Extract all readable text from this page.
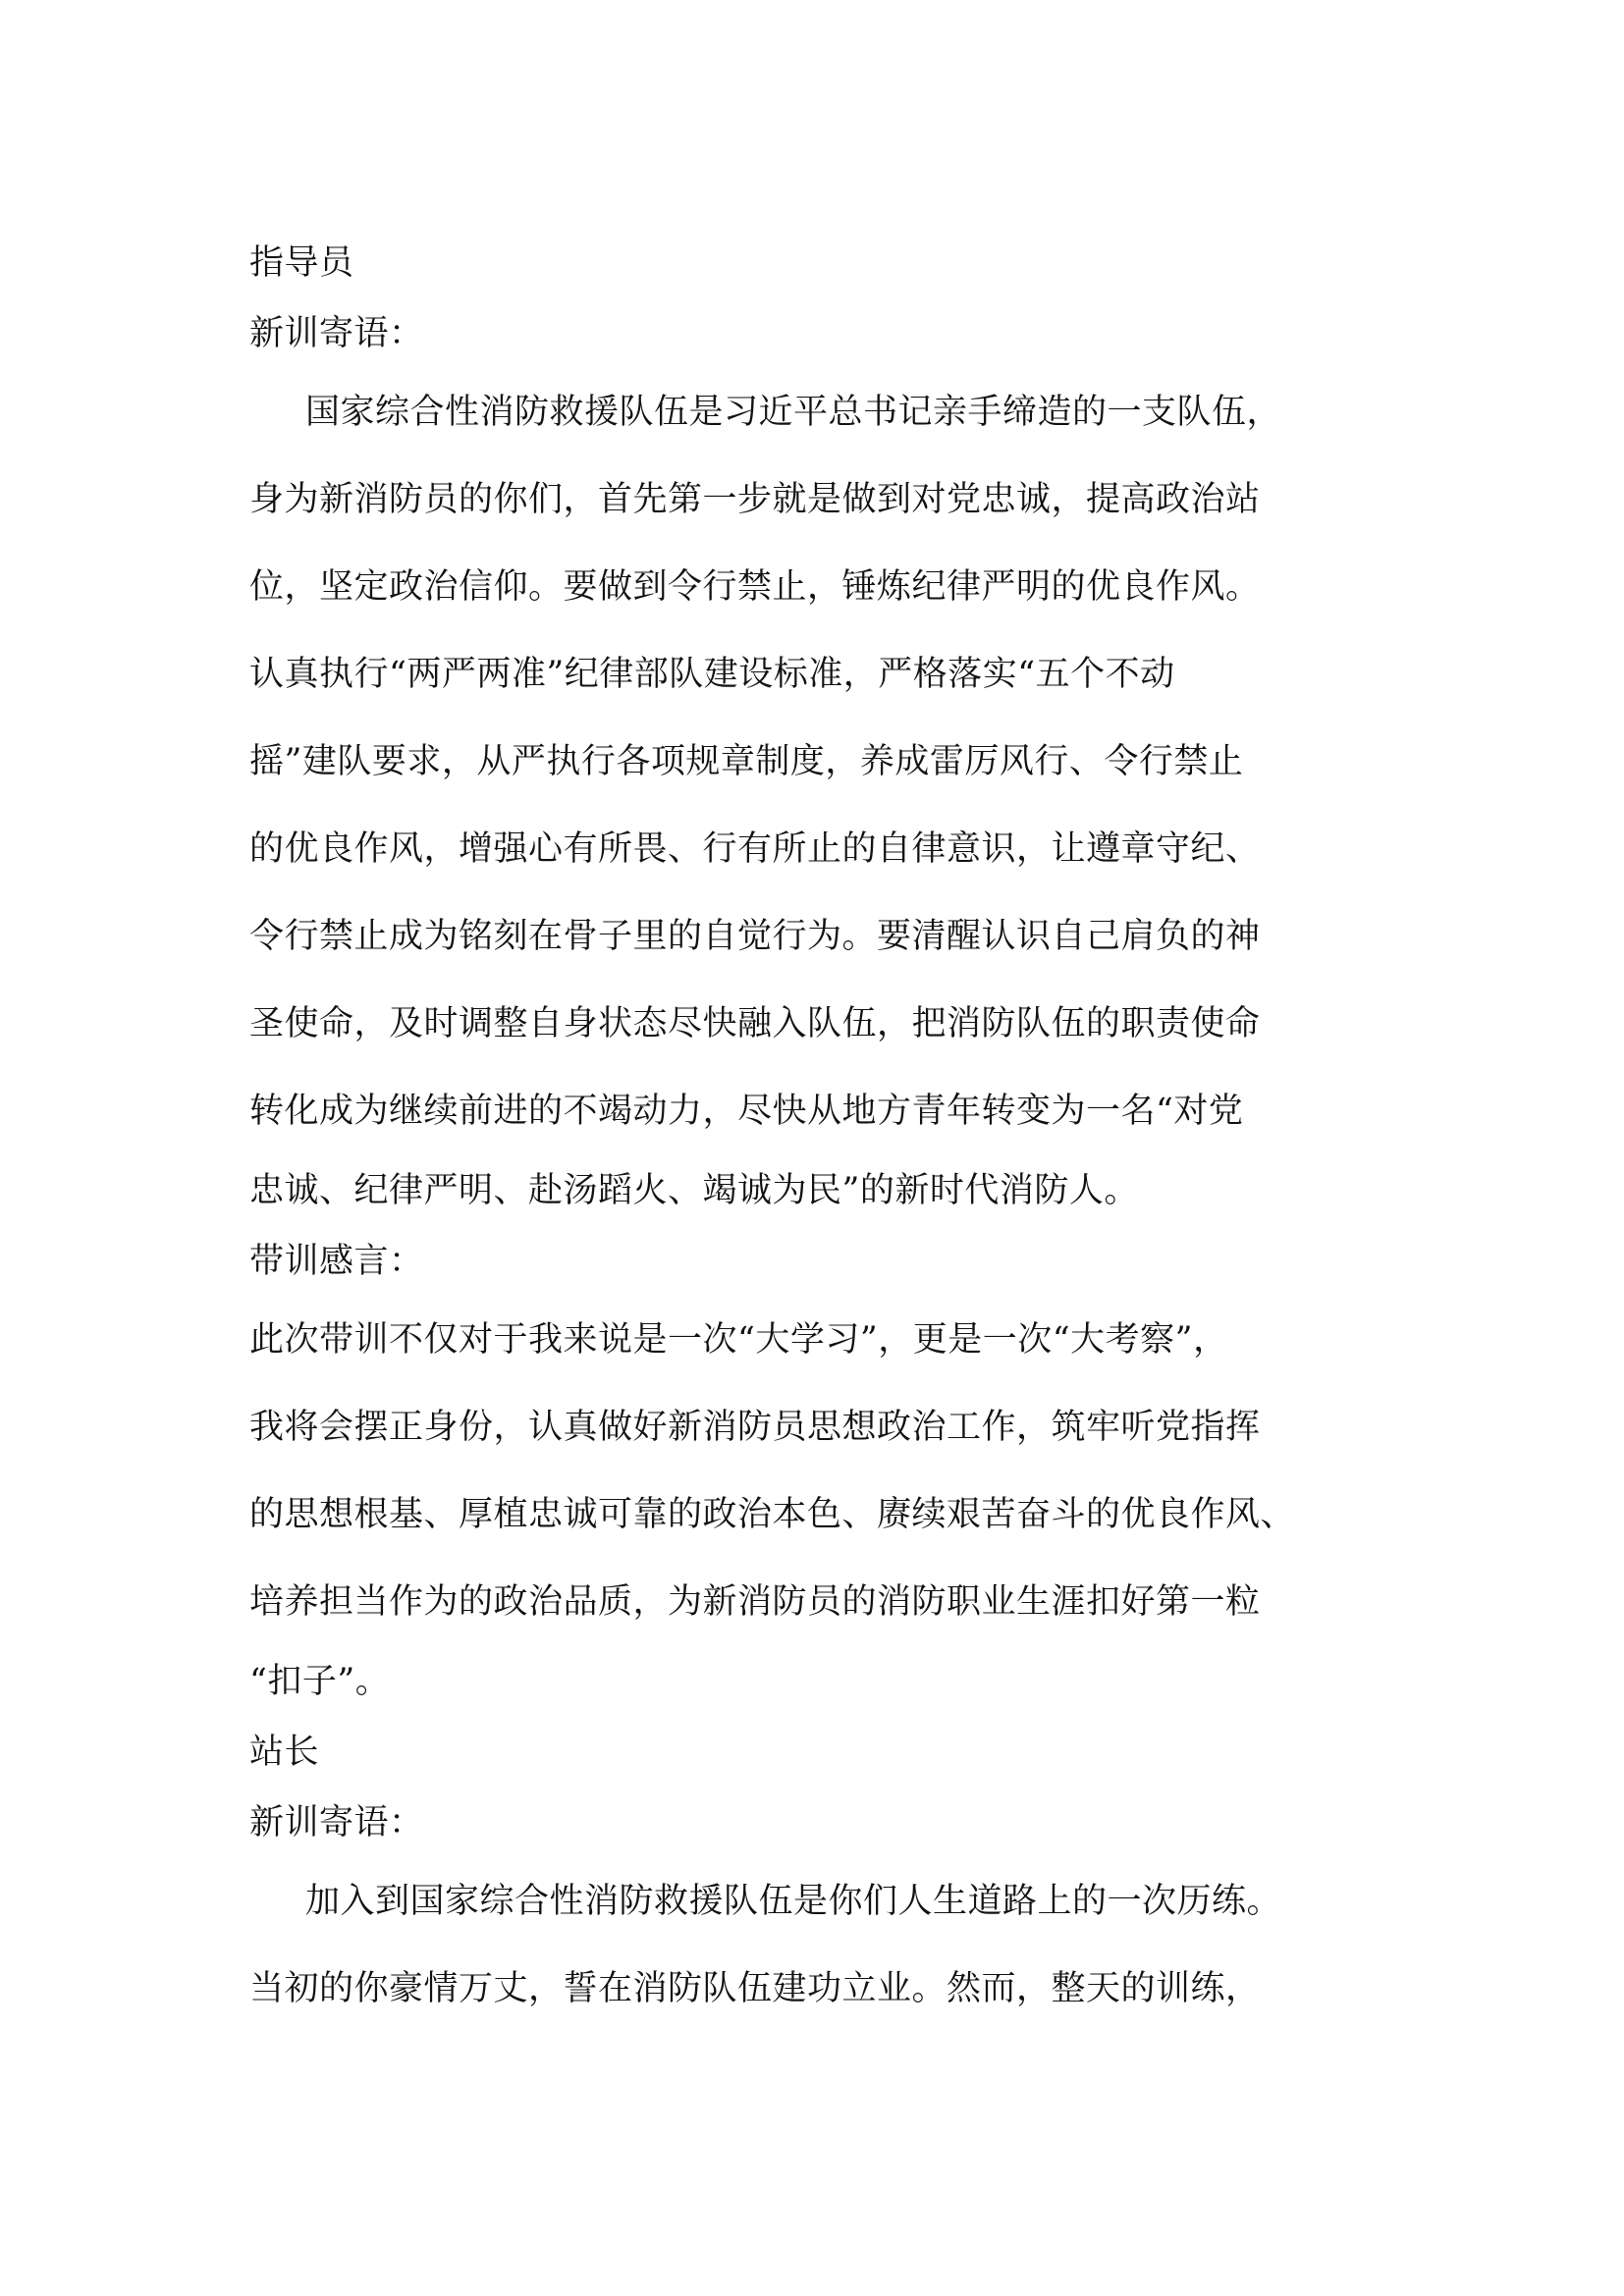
指导员

新训寄语：

国家综合性消防救援队伍是习近平总书记亲手缔造的一支队伍，

身为新消防员的你们，首先第一步就是做到对党忠诚，提高政治站

位，坚定政治信仰。要做到令行禁止，锤炼纪律严明的优良作风。

认真执行“两严两准”纪律部队建设标准，严格落实“五个不动

摇”建队要求，从严执行各项规章制度，养成雷厉风行、令行禁止

的优良作风，增强心有所畏、行有所止的自律意识，让遵章守纪、

令行禁止成为铭刻在骨子里的自觉行为。要清醒认识自己肩负的神

圣使命，及时调整自身状态尽快融入队伍，把消防队伍的职责使命

转化成为继续前进的不竭动力，尽快从地方青年转变为一名“对党

忠诚、纪律严明、赴汤蹈火、竭诚为民”的新时代消防人。

带训感言：

此次带训不仅对于我来说是一次“大学习”，更是一次“大考察”，

我将会摆正身份，认真做好新消防员思想政治工作，筑牢听党指挥

的思想根基、厚植忠诚可靠的政治本色、赓续艰苦奋斗的优良作风、

培养担当作为的政治品质，为新消防员的消防职业生涯扣好第一粒

“扣子”。

站长

新训寄语：

加入到国家综合性消防救援队伍是你们人生道路上的一次历练。

当初的你豪情万丈，誓在消防队伍建功立业。然而，整天的训练，
